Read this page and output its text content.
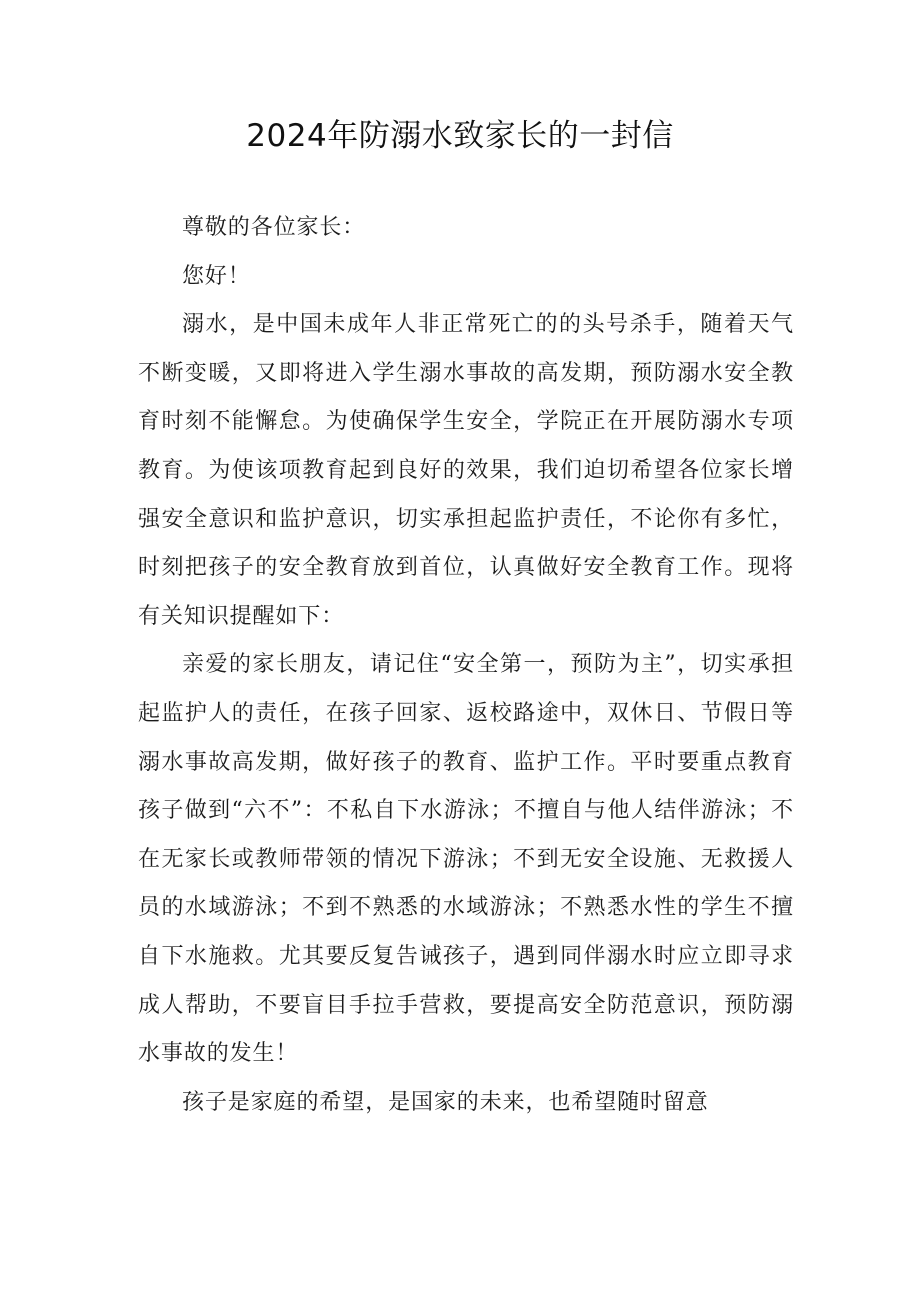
2024年防溺水致家长的一封信

尊敬的各位家长：

您好！

溺水，是中国未成年人非正常死亡的的头号杀手，随着天气不断变暖，又即将进入学生溺水事故的高发期，预防溺水安全教育时刻不能懈怠。为使确保学生安全，学院正在开展防溺水专项教育。为使该项教育起到良好的效果，我们迫切希望各位家长增强安全意识和监护意识，切实承担起监护责任，不论你有多忙，时刻把孩子的安全教育放到首位，认真做好安全教育工作。现将有关知识提醒如下：

亲爱的家长朋友，请记住“安全第一，预防为主”，切实承担起监护人的责任，在孩子回家、返校路途中，双休日、节假日等溺水事故高发期，做好孩子的教育、监护工作。平时要重点教育孩子做到“六不”：不私自下水游泳；不擅自与他人结伴游泳；不在无家长或教师带领的情况下游泳；不到无安全设施、无救援人员的水域游泳；不到不熟悉的水域游泳；不熟悉水性的学生不擅自下水施救。尤其要反复告诫孩子，遇到同伴溺水时应立即寻求成人帮助，不要盲目手拉手营救，要提高安全防范意识，预防溺水事故的发生！

孩子是家庭的希望，是国家的未来，也希望随时留意
